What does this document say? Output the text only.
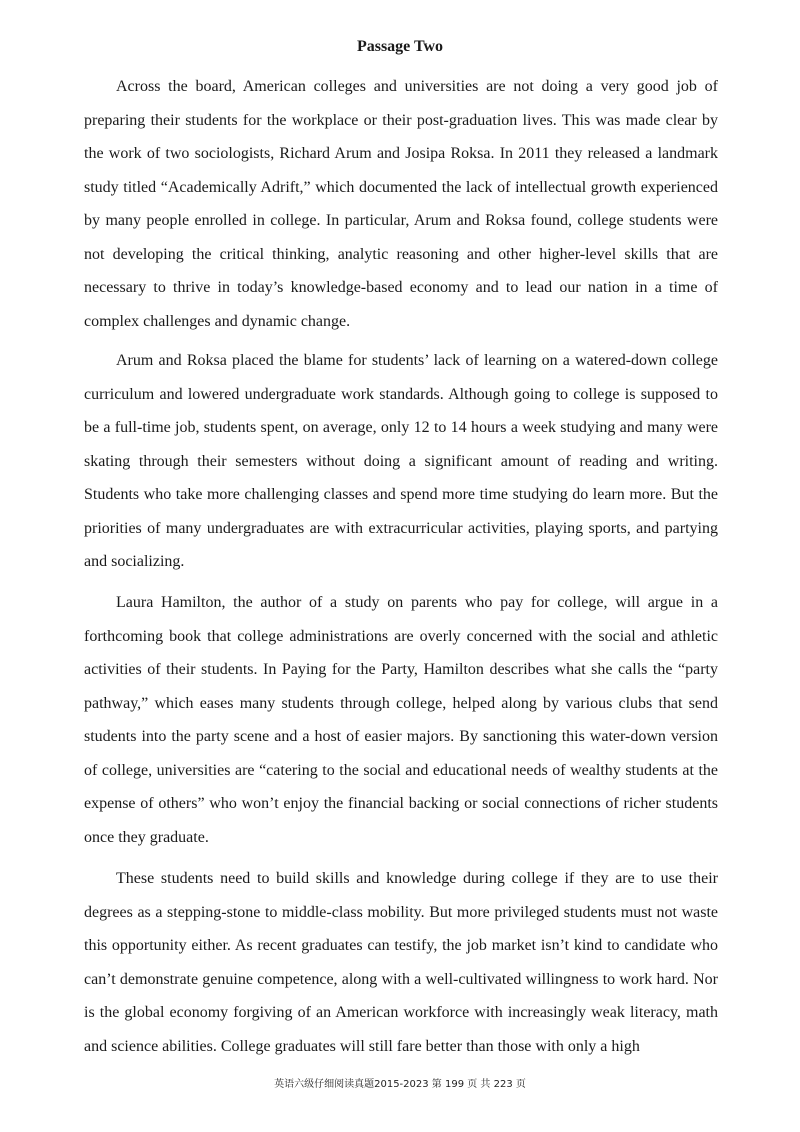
Passage Two

Across the board, American colleges and universities are not doing a very good job of preparing their students for the workplace or their post-graduation lives. This was made clear by the work of two sociologists, Richard Arum and Josipa Roksa. In 2011 they released a landmark study titled “Academically Adrift,” which documented the lack of intellectual growth experienced by many people enrolled in college. In particular, Arum and Roksa found, college students were not developing the critical thinking, analytic reasoning and other higher-level skills that are necessary to thrive in today’s knowledge-based economy and to lead our nation in a time of complex challenges and dynamic change.

Arum and Roksa placed the blame for students’ lack of learning on a watered-down college curriculum and lowered undergraduate work standards. Although going to college is supposed to be a full-time job, students spent, on average, only 12 to 14 hours a week studying and many were skating through their semesters without doing a significant amount of reading and writing. Students who take more challenging classes and spend more time studying do learn more. But the priorities of many undergraduates are with extracurricular activities, playing sports, and partying and socializing.

Laura Hamilton, the author of a study on parents who pay for college, will argue in a forthcoming book that college administrations are overly concerned with the social and athletic activities of their students. In Paying for the Party, Hamilton describes what she calls the “party pathway,” which eases many students through college, helped along by various clubs that send students into the party scene and a host of easier majors. By sanctioning this water-down version of college, universities are “catering to the social and educational needs of wealthy students at the expense of others” who won’t enjoy the financial backing or social connections of richer students once they graduate.

These students need to build skills and knowledge during college if they are to use their degrees as a stepping-stone to middle-class mobility. But more privileged students must not waste this opportunity either. As recent graduates can testify, the job market isn’t kind to candidate who can’t demonstrate genuine competence, along with a well-cultivated willingness to work hard. Nor is the global economy forgiving of an American workforce with increasingly weak literacy, math and science abilities. College graduates will still fare better than those with only a high

英语六级仔细阅读真题2015-2023 第 199 页 共 223 页
